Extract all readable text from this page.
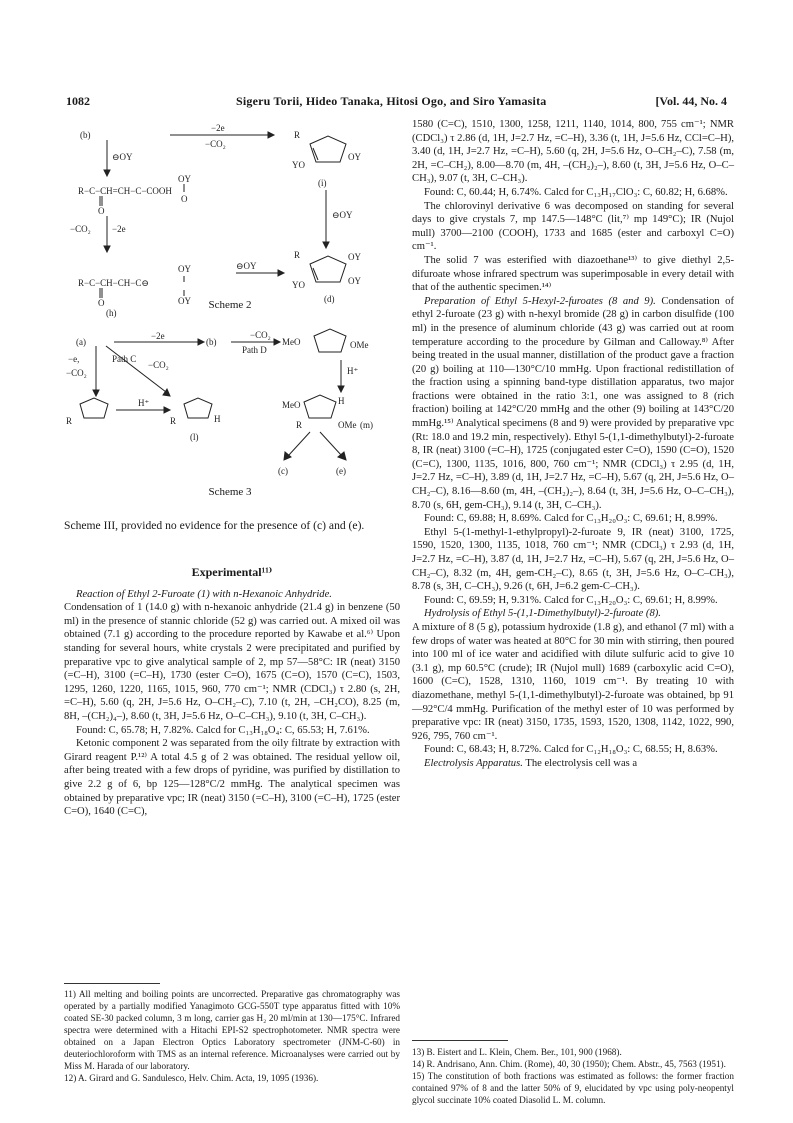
1082	Sigeru Torii, Hideo Tanaka, Hitosi Ogo, and Siro Yamasita	[Vol. 44, No. 4
(b)
−2e
−CO₂
⊖OY
OY
R−C−CH=CH−C−COOH
O
O
−CO₂ −2e
OY
R−C−CH−CH−C⊖
O	OY
(h)
⊖OY
⊖OY
R
YO
OY
(i)
R
YO
OY
OY
(d)
Scheme 2
(a)
−2e
(b)
−CO₂
Path D
MeO	OMe
H⁺
−e,
−CO₂
Path C
−CO₂
R
H⁺
R	H
(l)
MeO	H
OMe (m)
R
(c)	(e)
Scheme 3

Scheme III, provided no evidence for the presence of (c) and (e).

Experimental¹¹⁾

Reaction of Ethyl 2-Furoate (1) with n-Hexanoic Anhydride.

Condensation of 1 (14.0 g) with n-hexanoic anhydride (21.4 g) in benzene (50 ml) in the presence of stannic chloride (52 g) was carried out. A mixed oil was obtained (7.1 g) according to the procedure reported by Kawabe et al.⁶⁾ Upon standing for several hours, white crystals 2 were precipitated and purified by preparative vpc to give analytical sample of 2, mp 57—58°C: IR (neat) 3150 (=C–H), 3100 (=C–H), 1730 (ester C=O), 1675 (C=O), 1570 (C=C), 1503, 1295, 1260, 1220, 1165, 1015, 960, 770 cm⁻¹; NMR (CDCl₃) τ 2.80 (s, 2H, =C–H), 5.60 (q, 2H, J=5.6 Hz, O–CH₂–C), 7.10 (t, 2H, –CH₂CO), 8.25 (m, 8H, –(CH₂)₄–), 8.60 (t, 3H, J=5.6 Hz, O–C–CH₃), 9.10 (t, 3H, C–CH₃).

Found: C, 65.78; H, 7.82%. Calcd for C₁₃H₁₈O₄: C, 65.53; H, 7.61%.

Ketonic component 2 was separated from the oily filtrate by extraction with Girard reagent P.¹²⁾ A total 4.5 g of 2 was obtained. The residual yellow oil, after being treated with a few drops of pyridine, was purified by distillation to give 2.2 g of 6, bp 125—128°C/2 mmHg. The analytical specimen was obtained by preparative vpc; IR (neat) 3150 (=C–H), 3100 (=C–H), 1725 (ester C=O), 1640 (C=C),

11) All melting and boiling points are uncorrected. Preparative gas chromatography was operated by a partially modified Yanagimoto GCG-550T type apparatus fitted with 10% coated SE-30 packed column, 3 m long, carrier gas H₂ 20 ml/min at 130—175°C. Infrared spectra were determined with a Hitachi EPI-S2 spectrophotometer. NMR spectra were obtained on a Japan Electron Optics Laboratory spectrometer (JNM-C-60) in deuteriochloroform with TMS as an internal reference. Microanalyses were carried out by Miss M. Harada of our laboratory.

12) A. Girard and G. Sandulesco, Helv. Chim. Acta, 19, 1095 (1936).

1580 (C=C), 1510, 1300, 1258, 1211, 1140, 1014, 800, 755 cm⁻¹; NMR (CDCl₃) τ 2.86 (d, 1H, J=2.7 Hz, =C–H), 3.36 (t, 1H, J=5.6 Hz, CCl=C–H), 3.40 (d, 1H, J=2.7 Hz, =C–H), 5.60 (q, 2H, J=5.6 Hz, O–CH₂–C), 7.58 (m, 2H, =C–CH₂), 8.00—8.70 (m, 4H, –(CH₂)₂–), 8.60 (t, 3H, J=5.6 Hz, O–C–CH₃), 9.07 (t, 3H, C–CH₃).

Found: C, 60.44; H, 6.74%. Calcd for C₁₃H₁₇ClO₃: C, 60.82; H, 6.68%.

The chlorovinyl derivative 6 was decomposed on standing for several days to give crystals 7, mp 147.5—148°C (lit,⁷⁾ mp 149°C); IR (Nujol mull) 3700—2100 (COOH), 1733 and 1685 (ester and carboxyl C=O) cm⁻¹.

The solid 7 was esterified with diazoethane¹³⁾ to give diethyl 2,5-difuroate whose infrared spectrum was superimposable in every detail with that of the authentic specimen.¹⁴⁾

Preparation of Ethyl 5-Hexyl-2-furoates (8 and 9). Condensation of ethyl 2-furoate (23 g) with n-hexyl bromide (28 g) in carbon disulfide (100 ml) in the presence of aluminum chloride (43 g) was carried out at room temperature according to the procedure by Gilman and Calloway.⁸⁾ After being treated in the usual manner, distillation of the product gave a fraction (20 g) boiling at 110—130°C/10 mmHg. Upon fractional redistillation of the fraction using a spinning band-type distillation apparatus, two major fractions were obtained in the ratio 3:1, one was assigned to 8 (rich fraction) boiling at 142°C/20 mmHg and the other (9) boiling at 143°C/20 mmHg.¹⁵⁾ Analytical specimens (8 and 9) were provided by preparative vpc (Rt: 18.0 and 19.2 min, respectively). Ethyl 5-(1,1-dimethylbutyl)-2-furoate 8, IR (neat) 3100 (=C–H), 1725 (conjugated ester C=O), 1590 (C=O), 1520 (C=C), 1300, 1135, 1016, 800, 760 cm⁻¹; NMR (CDCl₃) τ 2.95 (d, 1H, J=2.7 Hz, =C–H), 3.89 (d, 1H, J=2.7 Hz, =C–H), 5.67 (q, 2H, J=5.6 Hz, O–CH₂–C), 8.16—8.60 (m, 4H, –(CH₂)₂–), 8.64 (t, 3H, J=5.6 Hz, O–C–CH₃), 8.70 (s, 6H, gem-CH₃), 9.14 (t, 3H, C–CH₃).

Found: C, 69.88; H, 8.69%. Calcd for C₁₃H₂₀O₃: C, 69.61; H, 8.99%.

Ethyl 5-(1-methyl-1-ethylpropyl)-2-furoate 9, IR (neat) 3100, 1725, 1590, 1520, 1300, 1135, 1018, 760 cm⁻¹; NMR (CDCl₃) τ 2.93 (d, 1H, J=2.7 Hz, =C–H), 3.87 (d, 1H, J=2.7 Hz, =C–H), 5.67 (q, 2H, J=5.6 Hz, O–CH₂–C), 8.32 (m, 4H, gem-CH₂–C), 8.65 (t, 3H, J=5.6 Hz, O–C–CH₃), 8.78 (s, 3H, C–CH₃), 9.26 (t, 6H, J=6.2 gem-C–CH₃).

Found: C, 69.59; H, 9.31%. Calcd for C₁₃H₂₀O₃: C, 69.61; H, 8.99%.

Hydrolysis of Ethyl 5-(1,1-Dimethylbutyl)-2-furoate (8).

A mixture of 8 (5 g), potassium hydroxide (1.8 g), and ethanol (7 ml) with a few drops of water was heated at 80°C for 30 min with stirring, then poured into 100 ml of ice water and acidified with dilute sulfuric acid to give 10 (3.1 g), mp 60.5°C (crude); IR (Nujol mull) 1689 (carboxylic acid C=O), 1600 (C=C), 1528, 1310, 1160, 1019 cm⁻¹. By treating 10 with diazomethane, methyl 5-(1,1-dimethylbutyl)-2-furoate was obtained, bp 91—92°C/4 mmHg. Purification of the methyl ester of 10 was performed by preparative vpc: IR (neat) 3150, 1735, 1593, 1520, 1308, 1142, 1022, 990, 926, 795, 760 cm⁻¹.

Found: C, 68.43; H, 8.72%. Calcd for C₁₂H₁₈O₃: C, 68.55; H, 8.63%.

Electrolysis Apparatus. The electrolysis cell was a

13) B. Eistert and L. Klein, Chem. Ber., 101, 900 (1968).

14) R. Andrisano, Ann. Chim. (Rome), 40, 30 (1950); Chem. Abstr., 45, 7563 (1951).

15) The constitution of both fractions was estimated as follows: the former fraction contained 97% of 8 and the latter 50% of 9, elucidated by vpc using poly-neopentyl glycol succinate 10% coated Diasolid L. M. column.
